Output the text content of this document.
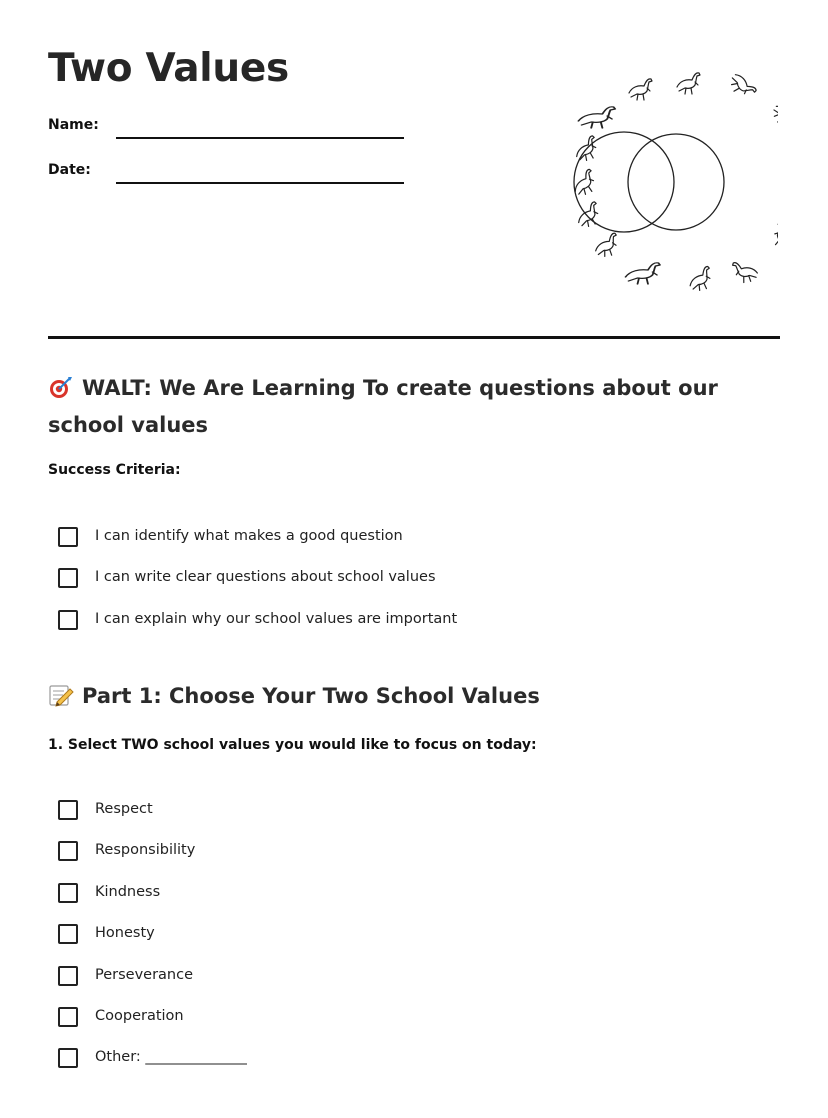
Two Values
Name:
Date:
WALT: We Are Learning To create questions about our school values

Success Criteria:

I can identify what makes a good question
I can write clear questions about school values
I can explain why our school values are important
Part 1: Choose Your Two School Values

1. Select TWO school values you would like to focus on today:

Respect
Responsibility
Kindness
Honesty
Perseverance
Cooperation
Other: ______________
